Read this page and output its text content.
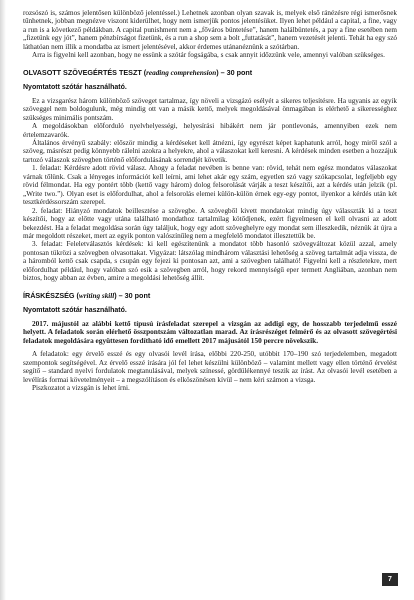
rozsószó is, számos jelentősen különböző jelentéssel.) Lehetnek azonban olyan szavak is, melyek első ránézésre régi ismerősnek tűnhetnek, jobban megnézve viszont kiderülhet, hogy nem ismerjük pontos jelentésüket. Ilyen lehet például a capital, a fine, vagy a run is a következő példákban. A capital punishment nem a „főváros büntetése”, hanem halálbüntetés, a pay a fine esetében nem „fizetünk egy jót”, hanem pénzbírságot fizetünk, és a run a shop sem a bolt „futtatását”, hanem vezetését jelenti. Tehát ha egy szó láthatóan nem illik a mondatba az ismert jelentésével, akkor érdemes utánanéznünk a szótárban.

Arra is figyelni kell azonban, hogy ne essünk a szótár fogságába, s csak annyit időzzünk vele, amennyi valóban szükséges.

OLVASOTT SZÖVEGÉRTÉS TESZT (reading comprehension) – 30 pont
Nyomtatott szótár használható.

Ez a vizsgarész három különböző szöveget tartalmaz, így növeli a vizsgázó esélyét a sikeres teljesítésre. Ha ugyanis az egyik szöveggel nem boldogulunk, még mindig ott van a másik kettő, melyek megoldásával önmagában is elérhető a sikerességhez szükséges minimális pontszám.

A megoldásokban előforduló nyelvhelyességi, helyesírási hibákért nem jár pontlevonás, amennyiben ezek nem értelemzavarók.

Általános érvényű szabály: először mindig a kérdéseket kell átnézni, így egyrészt képet kaphatunk arról, hogy miről szól a szöveg, másrészt pedig könnyebb rálelni azokra a helyekre, ahol a válaszokat kell keresni. A kérdések minden esetben a hozzájuk tartozó válaszok szövegben történő előfordulásának sorrendjét követik.

1. feladat: Kérdésre adott rövid válasz. Ahogy a feladat nevében is benne van: rövid, tehát nem egész mondatos válaszokat várnak tőlünk. Csak a lényeges információt kell leírni, ami lehet akár egy szám, egyetlen szó vagy szókapcsolat, legfeljebb egy rövid félmondat. Ha egy pontért több (kettő vagy három) dolog felsorolását várják a teszt készítői, azt a kérdés után jelzik (pl. „Write two.”). Olyan eset is előfordulhat, ahol a felsorolás elemei külön-külön érnek egy-egy pontot, ilyenkor a kérdés után két tesztkérdéssorszám szerepel.

2. feladat: Hiányzó mondatok beillesztése a szövegbe. A szövegből kivett mondatokat mindig úgy válasszták ki a teszt készítői, hogy az előtte vagy utána található mondathoz tartalmilag kötődjenek, ezért figyelmesen el kell olvasni az adott bekezdést. Ha a feladat megoldása során úgy találjuk, hogy egy adott szöveghelyre egy mondat sem illeszkedik, néznük át újra a már megoldott részeket, mert az egyik ponton valószínűleg nem a megfelelő mondatot illesztettük be.

3. feladat: Feleletválasztós kérdések: ki kell egészítenünk a mondatot több hasonló szövegváltozat közül azzal, amely pontosan tükrözi a szövegben olvasottakat. Vigyázat: látszólag mindhárom választási lehetőség a szöveg tartalmát adja vissza, de a háromból kettő csak csapda, s csupán egy fejezi ki pontosan azt, ami a szövegben található! Figyelni kell a részletekre, mert előfordulhat például, hogy valóban szó esik a szövegben arról, hogy rekord mennyiségű eper termett Angliában, azonban nem biztos, hogy abban az évben, amire a megoldási lehetőség állít.

ÍRÁSKÉSZSÉG (writing skill) – 30 pont
Nyomtatott szótár használható.

2017. májustól az alábbi kettő típusú írásfeladat szerepel a vizsgán az addigi egy, de hosszabb terjedelmű esszé helyett. A feladatok során elérhető összpontszám változatlan marad. Az írásrészéget felmérő és az olvasott szövegértési feladatok megoldására együttesen fordítható idő emellett 2017 májusától 150 percre növekszik.

A feladatok: egy érvelő esszé és egy olvasói levél írása, előbbi 220-250, utóbbit 170–190 szó terjedelemben, megadott szempontok segítségével. Az érvelő esszé írására jól fel lehet készülni különböző – valamint mellett vagy ellen történő érvelést segítő – standard nyelvi fordulatok megtanulásával, melyek színessé, gördülékennyé teszik az írást. Az olvasói levél esetében a levélírás formai követelményeit – a megszólításon és elköszönésen kívül – nem kéri számon a vizsga.

Piszkozatot a vizsgán is lehet írni.

7
